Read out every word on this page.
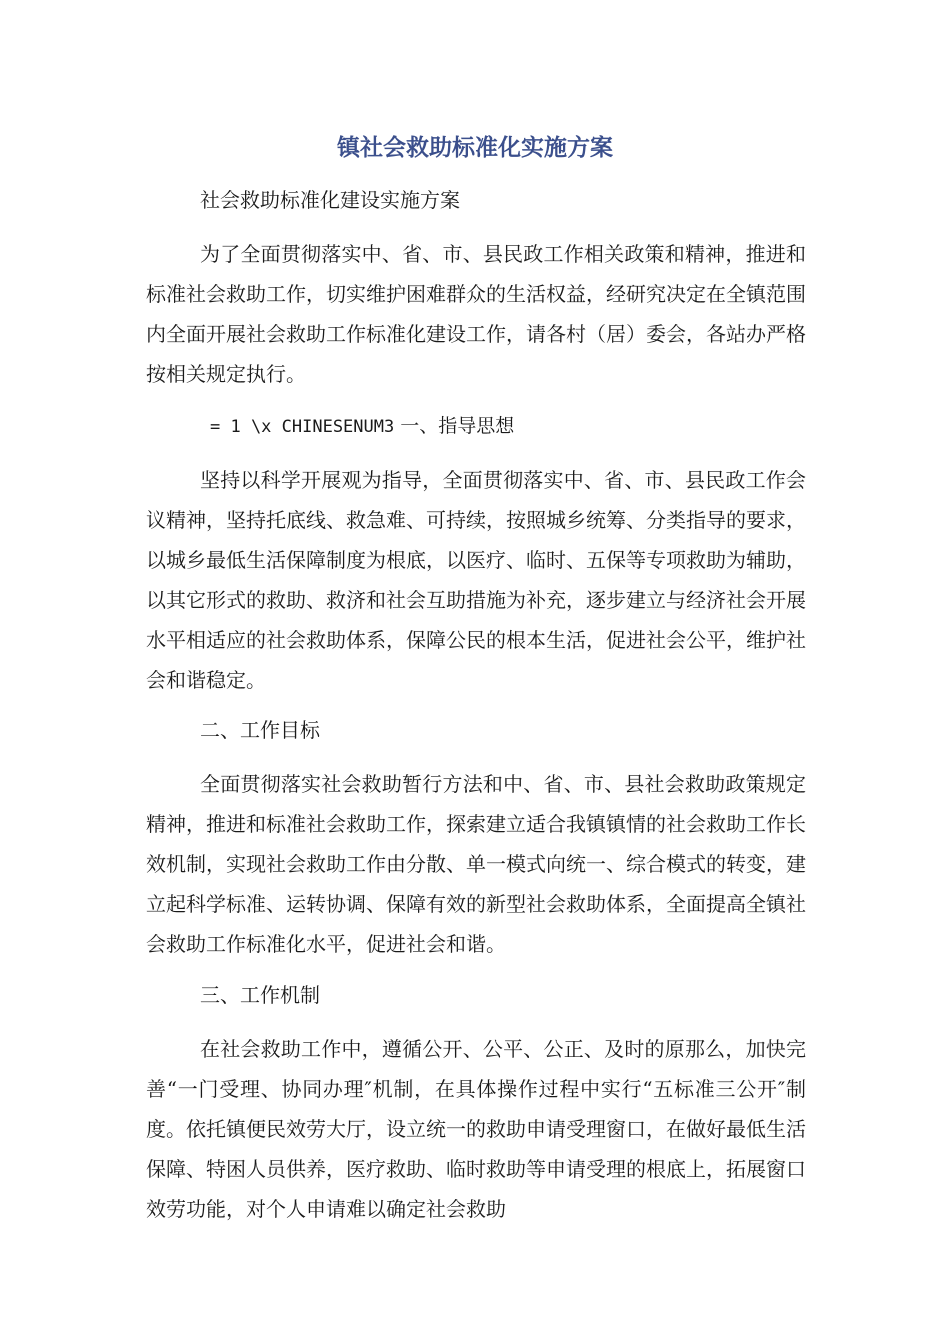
镇社会救助标准化实施方案

社会救助标准化建设实施方案

为了全面贯彻落实中、省、市、县民政工作相关政策和精神，推进和标准社会救助工作，切实维护困难群众的生活权益，经研究决定在全镇范围内全面开展社会救助工作标准化建设工作，请各村（居）委会，各站办严格按相关规定执行。

= 1 \x CHINESENUM3 一、指导思想

坚持以科学开展观为指导，全面贯彻落实中、省、市、县民政工作会议精神，坚持托底线、救急难、可持续，按照城乡统筹、分类指导的要求，以城乡最低生活保障制度为根底，以医疗、临时、五保等专项救助为辅助，以其它形式的救助、救济和社会互助措施为补充，逐步建立与经济社会开展水平相适应的社会救助体系，保障公民的根本生活，促进社会公平，维护社会和谐稳定。

二、工作目标

全面贯彻落实社会救助暂行方法和中、省、市、县社会救助政策规定精神，推进和标准社会救助工作，探索建立适合我镇镇情的社会救助工作长效机制，实现社会救助工作由分散、单一模式向统一、综合模式的转变，建立起科学标准、运转协调、保障有效的新型社会救助体系，全面提高全镇社会救助工作标准化水平，促进社会和谐。

三、工作机制

在社会救助工作中，遵循公开、公平、公正、及时的原那么，加快完善“一门受理、协同办理″机制，在具体操作过程中实行“五标准三公开″制度。依托镇便民效劳大厅，设立统一的救助申请受理窗口，在做好最低生活保障、特困人员供养，医疗救助、临时救助等申请受理的根底上，拓展窗口效劳功能，对个人申请难以确定社会救助
